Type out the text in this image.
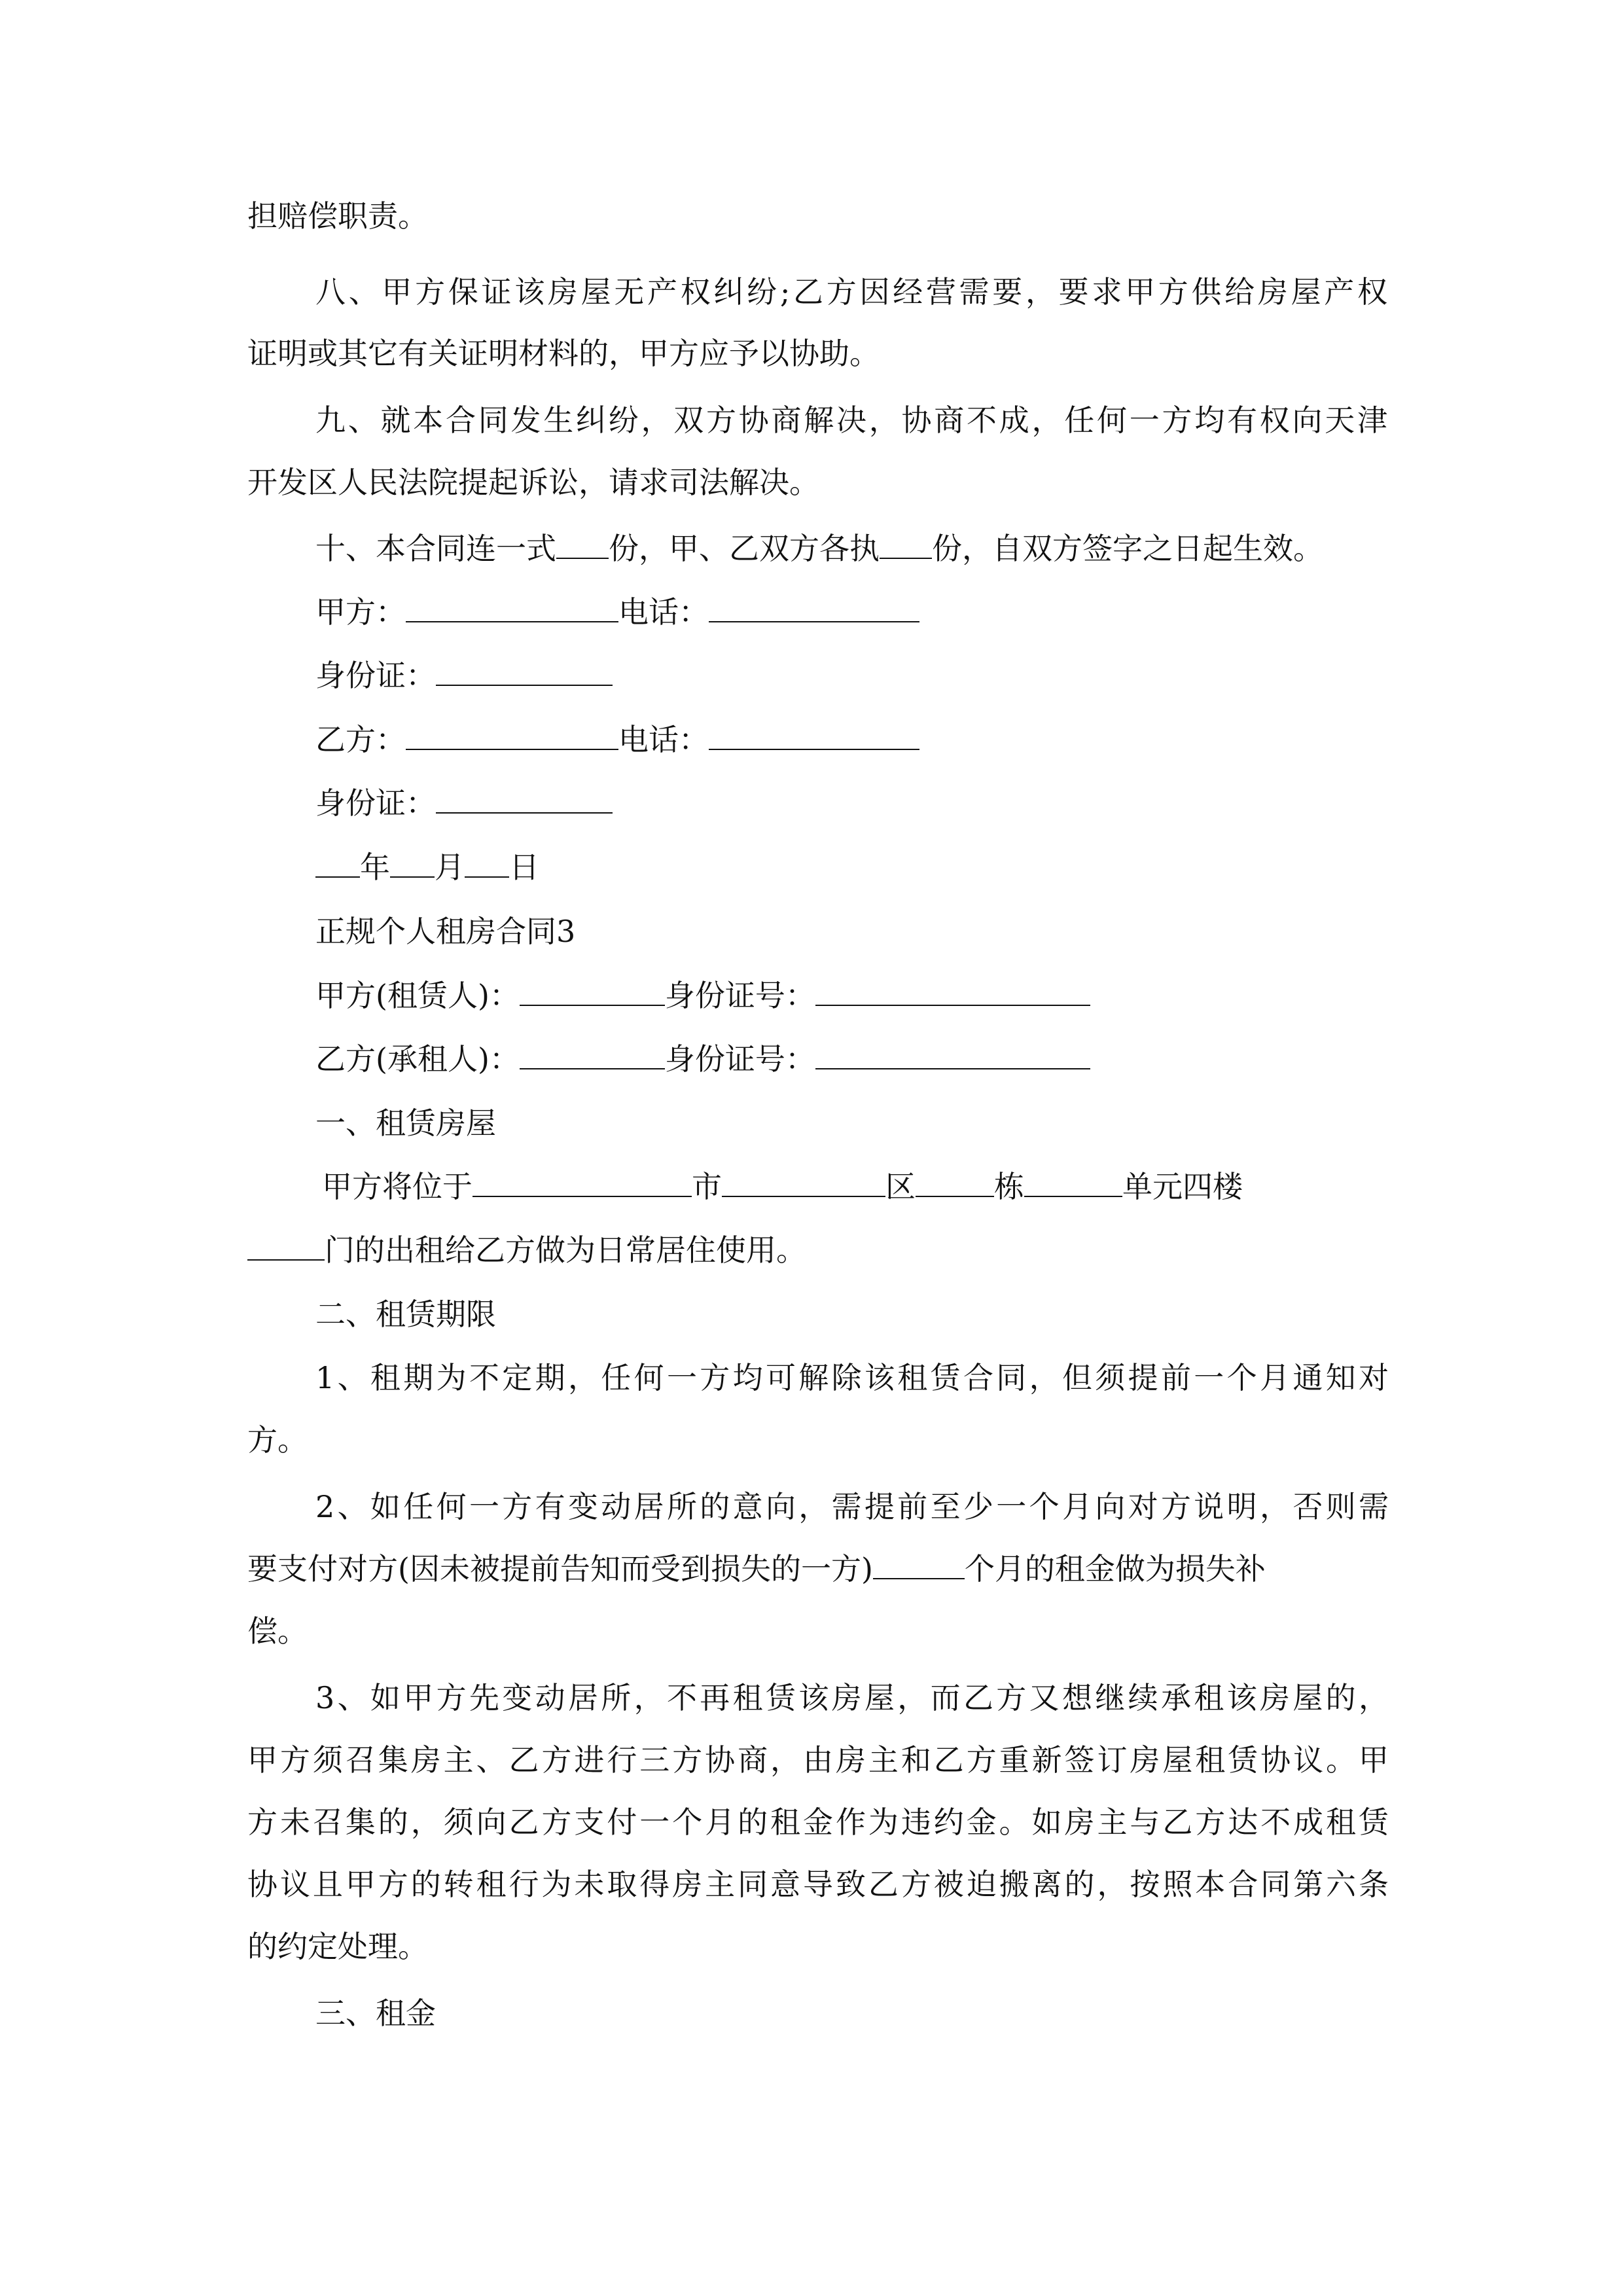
担赔偿职责。
八、甲方保证该房屋无产权纠纷;乙方因经营需要，要求甲方供给房屋产权
证明或其它有关证明材料的，甲方应予以协助。
九、就本合同发生纠纷，双方协商解决，协商不成，任何一方均有权向天津
开发区人民法院提起诉讼，请求司法解决。
十、本合同连一式 份，甲、乙双方各执 份，自双方签字之日起生效。
甲方：	电话：
身份证：
乙方：	电话：
身份证：
年 月 日
正规个人租房合同3
甲方(租赁人)：	身份证号：
乙方(承租人)：	身份证号：
一、租赁房屋
甲方将位于	市	区	栋	单元四楼
门的出租给乙方做为日常居住使用。
二、租赁期限
1、租期为不定期，任何一方均可解除该租赁合同，但须提前一个月通知对
方。
2、如任何一方有变动居所的意向，需提前至少一个月向对方说明，否则需
要支付对方(因未被提前告知而受到损失的一方)	个月的租金做为损失补
偿。
3、如甲方先变动居所，不再租赁该房屋，而乙方又想继续承租该房屋的，
甲方须召集房主、乙方进行三方协商，由房主和乙方重新签订房屋租赁协议。甲
方未召集的，须向乙方支付一个月的租金作为违约金。如房主与乙方达不成租赁
协议且甲方的转租行为未取得房主同意导致乙方被迫搬离的，按照本合同第六条
的约定处理。
三、租金
